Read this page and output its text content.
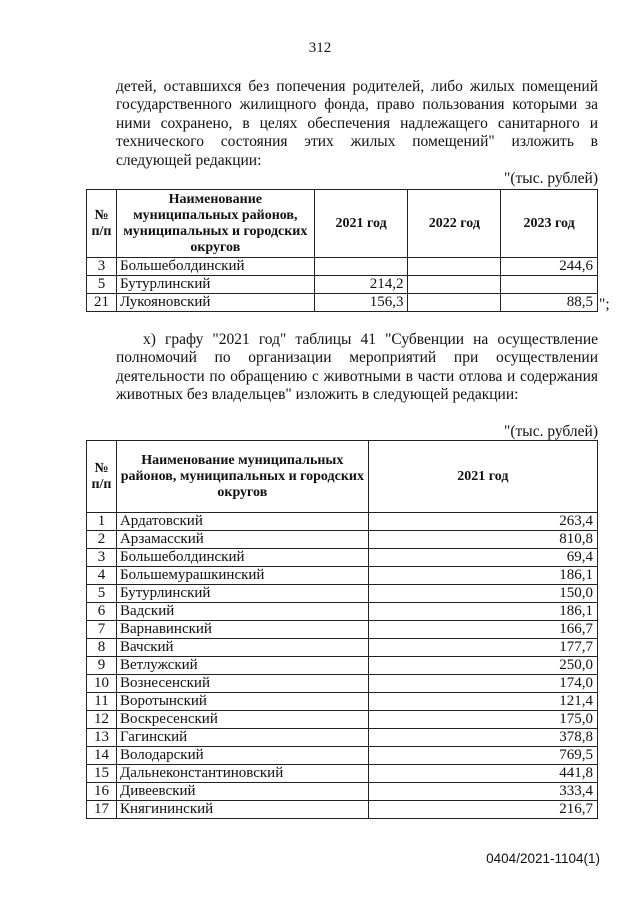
312

детей, оставшихся без попечения родителей, либо жилых помещений государственного жилищного фонда, право пользования которыми за ними сохранено, в целях обеспечения надлежащего санитарного и технического состояния этих жилых помещений" изложить в следующей редакции:

"(тыс. рублей)
№ п/п	Наименование муниципальных районов, муниципальных и городских округов	2021 год	2022 год	2023 год
3	Большеболдинский			244,6
5	Бутурлинский	214,2		
21	Лукояновский	156,3		88,5 ";

х) графу "2021 год" таблицы 41 "Субвенции на осуществление полномочий по организации мероприятий при осуществлении деятельности по обращению с животными в части отлова и содержания животных без владельцев" изложить в следующей редакции:

"(тыс. рублей)
№ п/п	Наименование муниципальных районов, муниципальных и городских округов	2021 год
1	Ардатовский	263,4
2	Арзамасский	810,8
3	Большеболдинский	69,4
4	Большемурашкинский	186,1
5	Бутурлинский	150,0
6	Вадский	186,1
7	Варнавинский	166,7
8	Вачский	177,7
9	Ветлужский	250,0
10	Вознесенский	174,0
11	Воротынский	121,4
12	Воскресенский	175,0
13	Гагинский	378,8
14	Володарский	769,5
15	Дальнеконстантиновский	441,8
16	Дивеевский	333,4
17	Княгининский	216,7
0404/2021-1104(1)
